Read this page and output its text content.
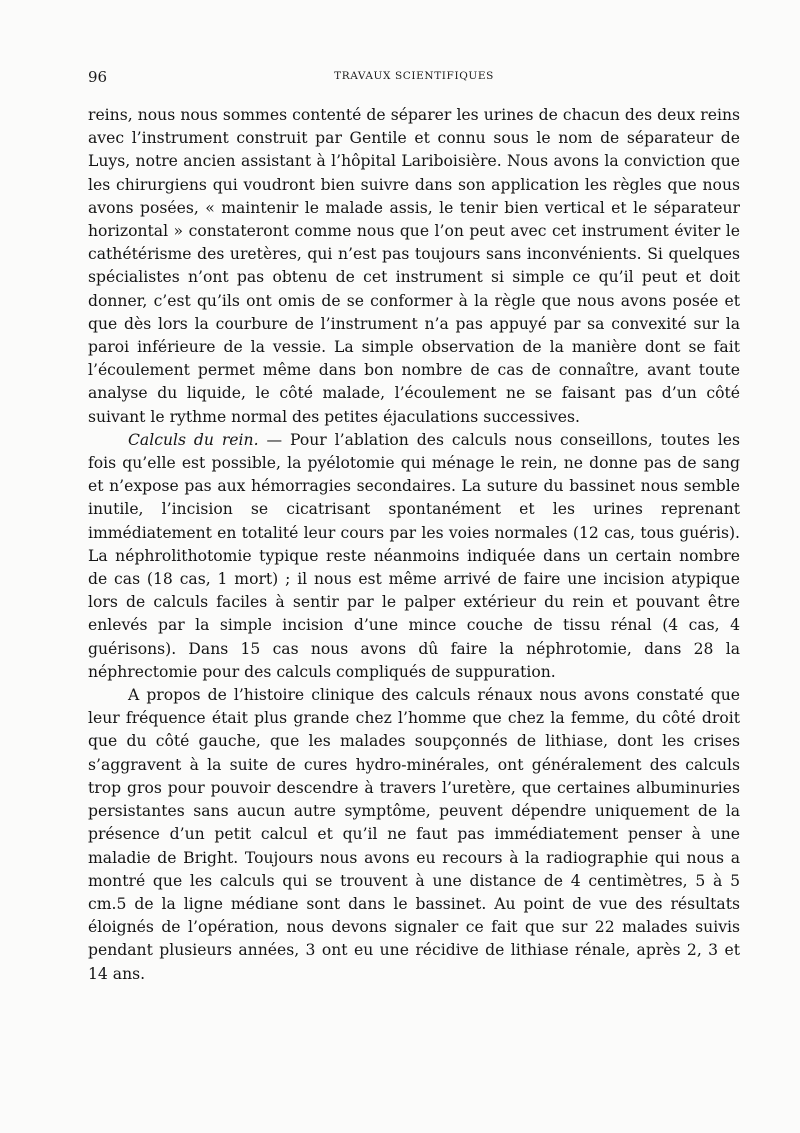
96	TRAVAUX SCIENTIFIQUES

reins, nous nous sommes contenté de séparer les urines de chacun des deux reins avec l’instrument construit par Gentile et connu sous le nom de séparateur de Luys, notre ancien assistant à l’hôpital Lariboisière. Nous avons la conviction que les chirurgiens qui voudront bien suivre dans son application les règles que nous avons posées, « maintenir le malade assis, le tenir bien vertical et le séparateur horizontal » constateront comme nous que l’on peut avec cet instrument éviter le cathétérisme des uretères, qui n’est pas toujours sans inconvénients. Si quelques spécialistes n’ont pas obtenu de cet instrument si simple ce qu’il peut et doit donner, c’est qu’ils ont omis de se conformer à la règle que nous avons posée et que dès lors la courbure de l’instrument n’a pas appuyé par sa convexité sur la paroi inférieure de la vessie. La simple observation de la manière dont se fait l’écoulement permet même dans bon nombre de cas de connaître, avant toute analyse du liquide, le côté malade, l’écoulement ne se faisant pas d’un côté suivant le rythme normal des petites éjaculations successives.

Calculs du rein. — Pour l’ablation des calculs nous conseillons, toutes les fois qu’elle est possible, la pyélotomie qui ménage le rein, ne donne pas de sang et n’expose pas aux hémorragies secondaires. La suture du bassinet nous semble inutile, l’incision se cicatrisant spontanément et les urines reprenant immédiatement en totalité leur cours par les voies normales (12 cas, tous guéris). La néphrolithotomie typique reste néanmoins indiquée dans un certain nombre de cas (18 cas, 1 mort) ; il nous est même arrivé de faire une incision atypique lors de calculs faciles à sentir par le palper extérieur du rein et pouvant être enlevés par la simple incision d’une mince couche de tissu rénal (4 cas, 4 guérisons). Dans 15 cas nous avons dû faire la néphrotomie, dans 28 la néphrectomie pour des calculs compliqués de suppuration.

A propos de l’histoire clinique des calculs rénaux nous avons constaté que leur fréquence était plus grande chez l’homme que chez la femme, du côté droit que du côté gauche, que les malades soupçonnés de lithiase, dont les crises s’aggravent à la suite de cures hydro-minérales, ont généralement des calculs trop gros pour pouvoir descendre à travers l’uretère, que certaines albuminuries persistantes sans aucun autre symptôme, peuvent dépendre uniquement de la présence d’un petit calcul et qu’il ne faut pas immédiatement penser à une maladie de Bright. Toujours nous avons eu recours à la radiographie qui nous a montré que les calculs qui se trouvent à une distance de 4 centimètres, 5 à 5 cm.5 de la ligne médiane sont dans le bassinet. Au point de vue des résultats éloignés de l’opération, nous devons signaler ce fait que sur 22 malades suivis pendant plusieurs années, 3 ont eu une récidive de lithiase rénale, après 2, 3 et 14 ans.
